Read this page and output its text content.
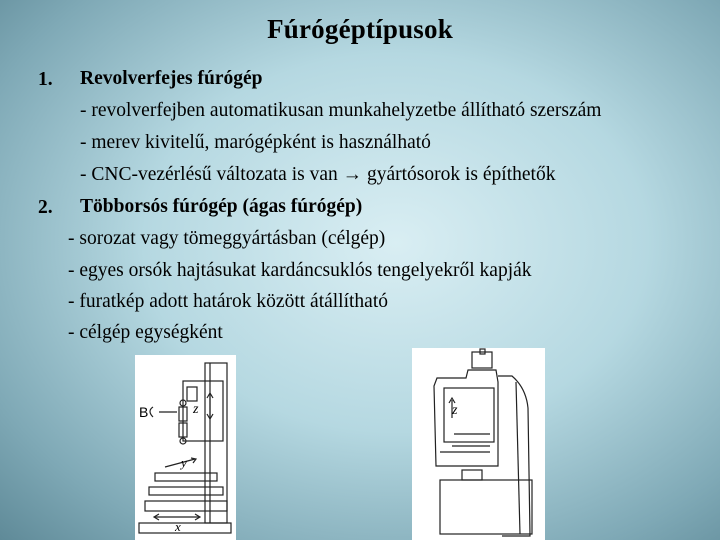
Fúrógéptípusok
1. Revolverfejes fúrógép
- revolverfejben automatikusan munkahelyzetbe állítható szerszám
- merev kivitelű, marógépként is használható
- CNC-vezérlésű változata is van → gyártósorok is építhetők
2. Többorsós fúrógép (ágas fúrógép)
- sorozat vagy tömeggyártásban (célgép)
- egyes orsók hajtásukat kardáncsuklós tengelyekről kapják
- furatkép adott határok között átállítható
- célgép egységként
z
y
x
B	z
